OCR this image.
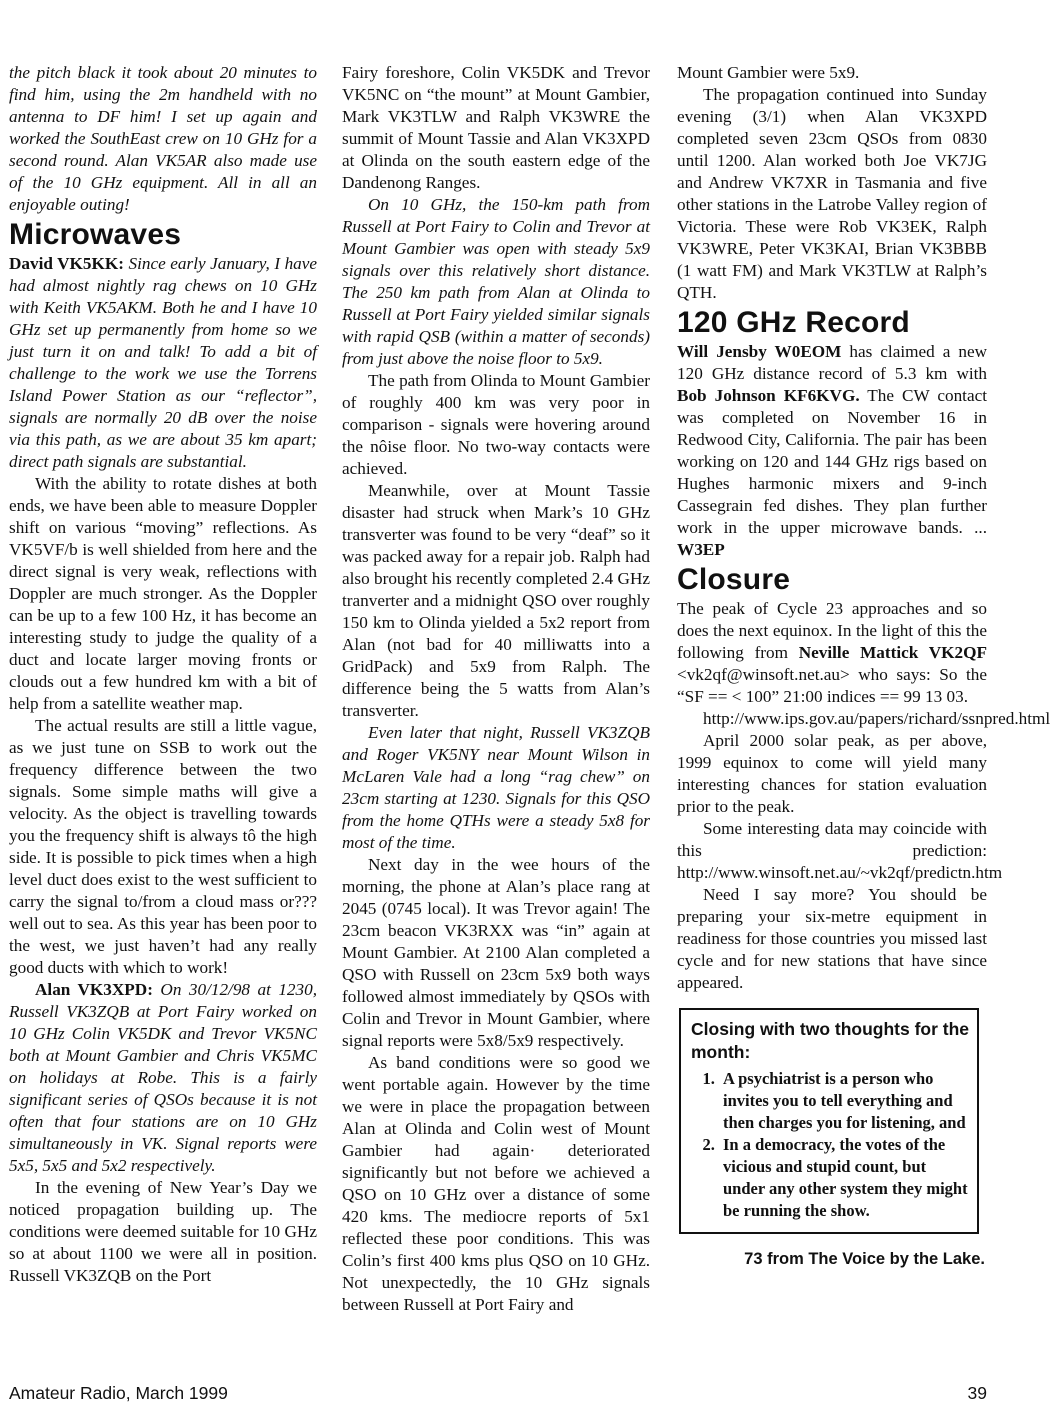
the pitch black it took about 20 minutes to find him, using the 2m handheld with no antenna to DF him! I set up again and worked the SouthEast crew on 10 GHz for a second round. Alan VK5AR also made use of the 10 GHz equipment. All in all an enjoyable outing!

Microwaves

David VK5KK: Since early January, I have had almost nightly rag chews on 10 GHz with Keith VK5AKM. Both he and I have 10 GHz set up permanently from home so we just turn it on and talk! To add a bit of challenge to the work we use the Torrens Island Power Station as our “reflector”, signals are normally 20 dB over the noise via this path, as we are about 35 km apart; direct path signals are substantial.

With the ability to rotate dishes at both ends, we have been able to measure Doppler shift on various “moving” reflections. As VK5VF/b is well shielded from here and the direct signal is very weak, reflections with Doppler are much stronger. As the Doppler can be up to a few 100 Hz, it has become an interesting study to judge the quality of a duct and locate larger moving fronts or clouds out a few hundred km with a bit of help from a satellite weather map.

The actual results are still a little vague, as we just tune on SSB to work out the frequency difference between the two signals. Some simple maths will give a velocity. As the object is travelling towards you the frequency shift is always tô the high side. It is possible to pick times when a high level duct does exist to the west sufficient to carry the signal to/from a cloud mass or??? well out to sea. As this year has been poor to the west, we just haven’t had any really good ducts with which to work!

Alan VK3XPD: On 30/12/98 at 1230, Russell VK3ZQB at Port Fairy worked on 10 GHz Colin VK5DK and Trevor VK5NC both at Mount Gambier and Chris VK5MC on holidays at Robe. This is a fairly significant series of QSOs because it is not often that four stations are on 10 GHz simultaneously in VK. Signal reports were 5x5, 5x5 and 5x2 respectively.

In the evening of New Year’s Day we noticed propagation building up. The conditions were deemed suitable for 10 GHz so at about 1100 we were all in position. Russell VK3ZQB on the Port

Fairy foreshore, Colin VK5DK and Trevor VK5NC on “the mount” at Mount Gambier, Mark VK3TLW and Ralph VK3WRE the summit of Mount Tassie and Alan VK3XPD at Olinda on the south eastern edge of the Dandenong Ranges.

On 10 GHz, the 150-km path from Russell at Port Fairy to Colin and Trevor at Mount Gambier was open with steady 5x9 signals over this relatively short distance. The 250 km path from Alan at Olinda to Russell at Port Fairy yielded similar signals with rapid QSB (within a matter of seconds) from just above the noise floor to 5x9.

The path from Olinda to Mount Gambier of roughly 400 km was very poor in comparison - signals were hovering around the nôise floor. No two-way contacts were achieved.

Meanwhile, over at Mount Tassie disaster had struck when Mark’s 10 GHz transverter was found to be very “deaf” so it was packed away for a repair job. Ralph had also brought his recently completed 2.4 GHz tranverter and a midnight QSO over roughly 150 km to Olinda yielded a 5x2 report from Alan (not bad for 40 milliwatts into a GridPack) and 5x9 from Ralph. The difference being the 5 watts from Alan’s transverter.

Even later that night, Russell VK3ZQB and Roger VK5NY near Mount Wilson in McLaren Vale had a long “rag chew” on 23cm starting at 1230. Signals for this QSO from the home QTHs were a steady 5x8 for most of the time.

Next day in the wee hours of the morning, the phone at Alan’s place rang at 2045 (0745 local). It was Trevor again! The 23cm beacon VK3RXX was “in” again at Mount Gambier. At 2100 Alan completed a QSO with Russell on 23cm 5x9 both ways followed almost immediately by QSOs with Colin and Trevor in Mount Gambier, where signal reports were 5x8/5x9 respectively.

As band conditions were so good we went portable again. However by the time we were in place the propagation between Alan at Olinda and Colin west of Mount Gambier had again· deteriorated significantly but not before we achieved a QSO on 10 GHz over a distance of some 420 kms. The mediocre reports of 5x1 reflected these poor conditions. This was Colin’s first 400 kms plus QSO on 10 GHz. Not unexpectedly, the 10 GHz signals between Russell at Port Fairy and

Mount Gambier were 5x9.

The propagation continued into Sunday evening (3/1) when Alan VK3XPD completed seven 23cm QSOs from 0830 until 1200. Alan worked both Joe VK7JG and Andrew VK7XR in Tasmania and five other stations in the Latrobe Valley region of Victoria. These were Rob VK3EK, Ralph VK3WRE, Peter VK3KAI, Brian VK3BBB (1 watt FM) and Mark VK3TLW at Ralph’s QTH.

120 GHz Record

Will Jensby W0EOM has claimed a new 120 GHz distance record of 5.3 km with Bob Johnson KF6KVG. The CW contact was completed on November 16 in Redwood City, California. The pair has been working on 120 and 144 GHz rigs based on Hughes harmonic mixers and 9-inch Cassegrain fed dishes. They plan further work in the upper microwave bands. ... W3EP

Closure

The peak of Cycle 23 approaches and so does the next equinox. In the light of this the following from Neville Mattick VK2QF <vk2qf@winsoft.net.au> who says: So the “SF == < 100” 21:00 indices == 99 13 03.

http://www.ips.gov.au/papers/richard/ssnpred.html

April 2000 solar peak, as per above, 1999 equinox to come will yield many interesting chances for station evaluation prior to the peak.

Some interesting data may coincide with this prediction: http://www.winsoft.net.au/~vk2qf/predictn.htm

Need I say more? You should be preparing your six-metre equipment in readiness for those countries you missed last cycle and for new stations that have since appeared.

Closing with two thoughts for the month:
1. A psychiatrist is a person who invites you to tell everything and then charges you for listening, and
2. In a democracy, the votes of the vicious and stupid count, but under any other system they might be running the show.
73 from The Voice by the Lake.
Amateur Radio, March 1999	39
